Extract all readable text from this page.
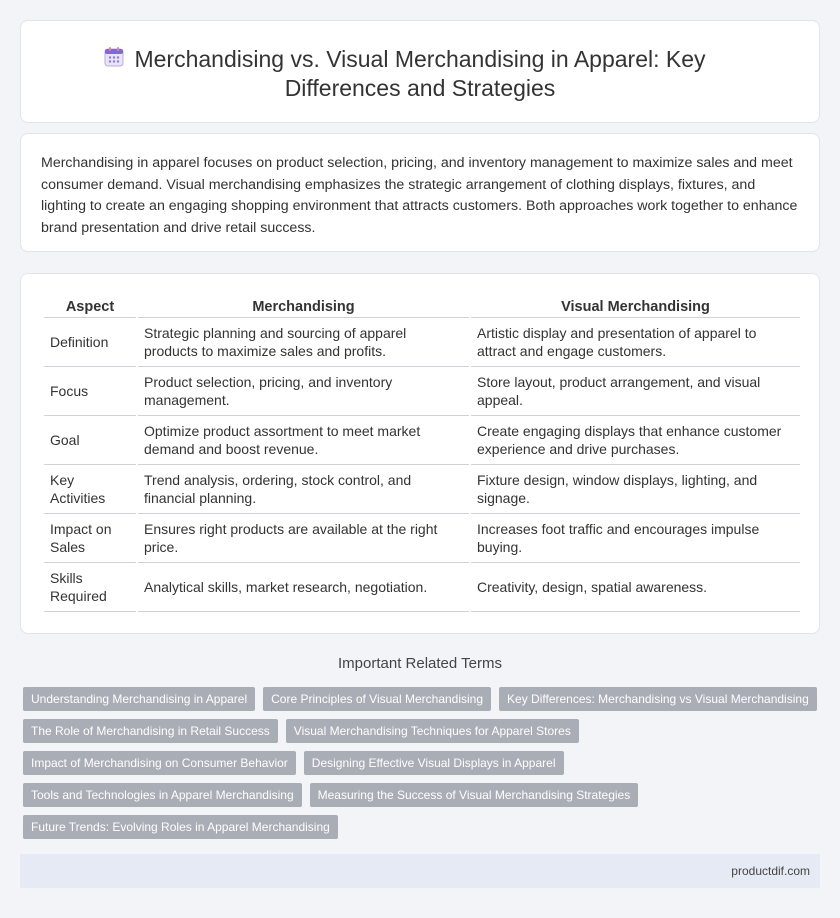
Merchandising vs. Visual Merchandising in Apparel: Key Differences and Strategies

Merchandising in apparel focuses on product selection, pricing, and inventory management to maximize sales and meet consumer demand. Visual merchandising emphasizes the strategic arrangement of clothing displays, fixtures, and lighting to create an engaging shopping environment that attracts customers. Both approaches work together to enhance brand presentation and drive retail success.

Aspect	Merchandising	Visual Merchandising
Definition	Strategic planning and sourcing of apparel products to maximize sales and profits.	Artistic display and presentation of apparel to attract and engage customers.
Focus	Product selection, pricing, and inventory management.	Store layout, product arrangement, and visual appeal.
Goal	Optimize product assortment to meet market demand and boost revenue.	Create engaging displays that enhance customer experience and drive purchases.
Key Activities	Trend analysis, ordering, stock control, and financial planning.	Fixture design, window displays, lighting, and signage.
Impact on Sales	Ensures right products are available at the right price.	Increases foot traffic and encourages impulse buying.
Skills Required	Analytical skills, market research, negotiation.	Creativity, design, spatial awareness.
Important Related Terms
Understanding Merchandising in Apparel	Core Principles of Visual Merchandising	Key Differences: Merchandising vs Visual Merchandising
The Role of Merchandising in Retail Success	Visual Merchandising Techniques for Apparel Stores
Impact of Merchandising on Consumer Behavior	Designing Effective Visual Displays in Apparel
Tools and Technologies in Apparel Merchandising	Measuring the Success of Visual Merchandising Strategies
Future Trends: Evolving Roles in Apparel Merchandising
productdif.com
